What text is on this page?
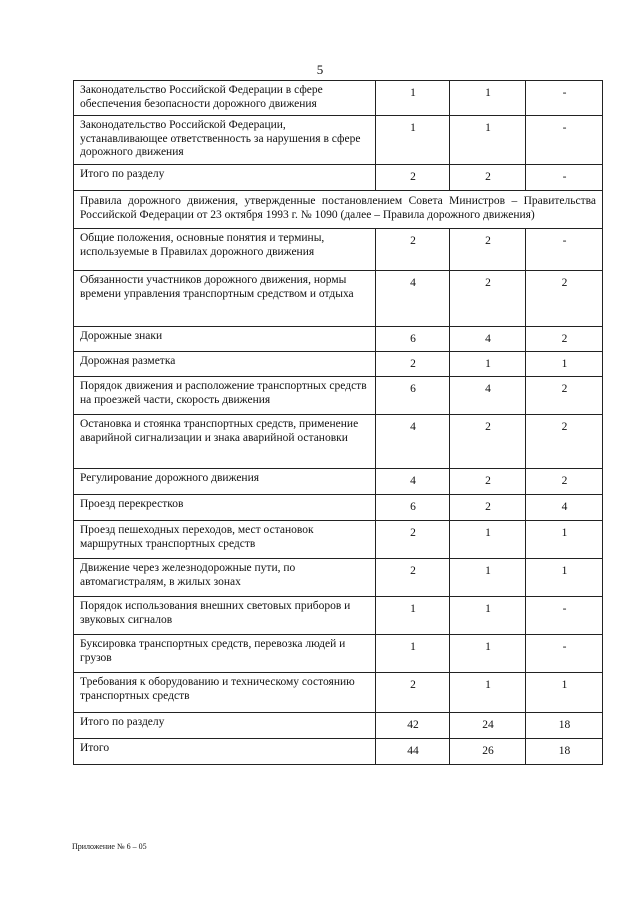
5
Законодательство Российской Федерации в сфере обеспечения безопасности дорожного движения	1	1	-
Законодательство Российской Федерации, устанавливающее ответственность за нарушения в сфере дорожного движения	1	1	-
Итого по разделу	2	2	-
Правила дорожного движения, утвержденные постановлением Совета Министров – Правительства Российской Федерации от 23 октября 1993 г. № 1090 (далее – Правила дорожного движения)			
Общие положения, основные понятия и термины, используемые в Правилах дорожного движения	2	2	-
Обязанности участников дорожного движения, нормы времени управления транспортным средством и отдыха	4	2	2
Дорожные знаки	6	4	2
Дорожная разметка	2	1	1
Порядок движения и расположение транспортных средств на проезжей части, скорость движения	6	4	2
Остановка и стоянка транспортных средств, применение аварийной сигнализации и знака аварийной остановки	4	2	2
Регулирование дорожного движения	4	2	2
Проезд перекрестков	6	2	4
Проезд пешеходных переходов, мест остановок маршрутных транспортных средств	2	1	1
Движение через железнодорожные пути, по автомагистралям, в жилых зонах	2	1	1
Порядок использования внешних световых приборов и звуковых сигналов	1	1	-
Буксировка транспортных средств, перевозка людей и грузов	1	1	-
Требования к оборудованию и техническому состоянию транспортных средств	2	1	1
Итого по разделу	42	24	18
Итого	44	26	18
Приложение № 6 – 05
